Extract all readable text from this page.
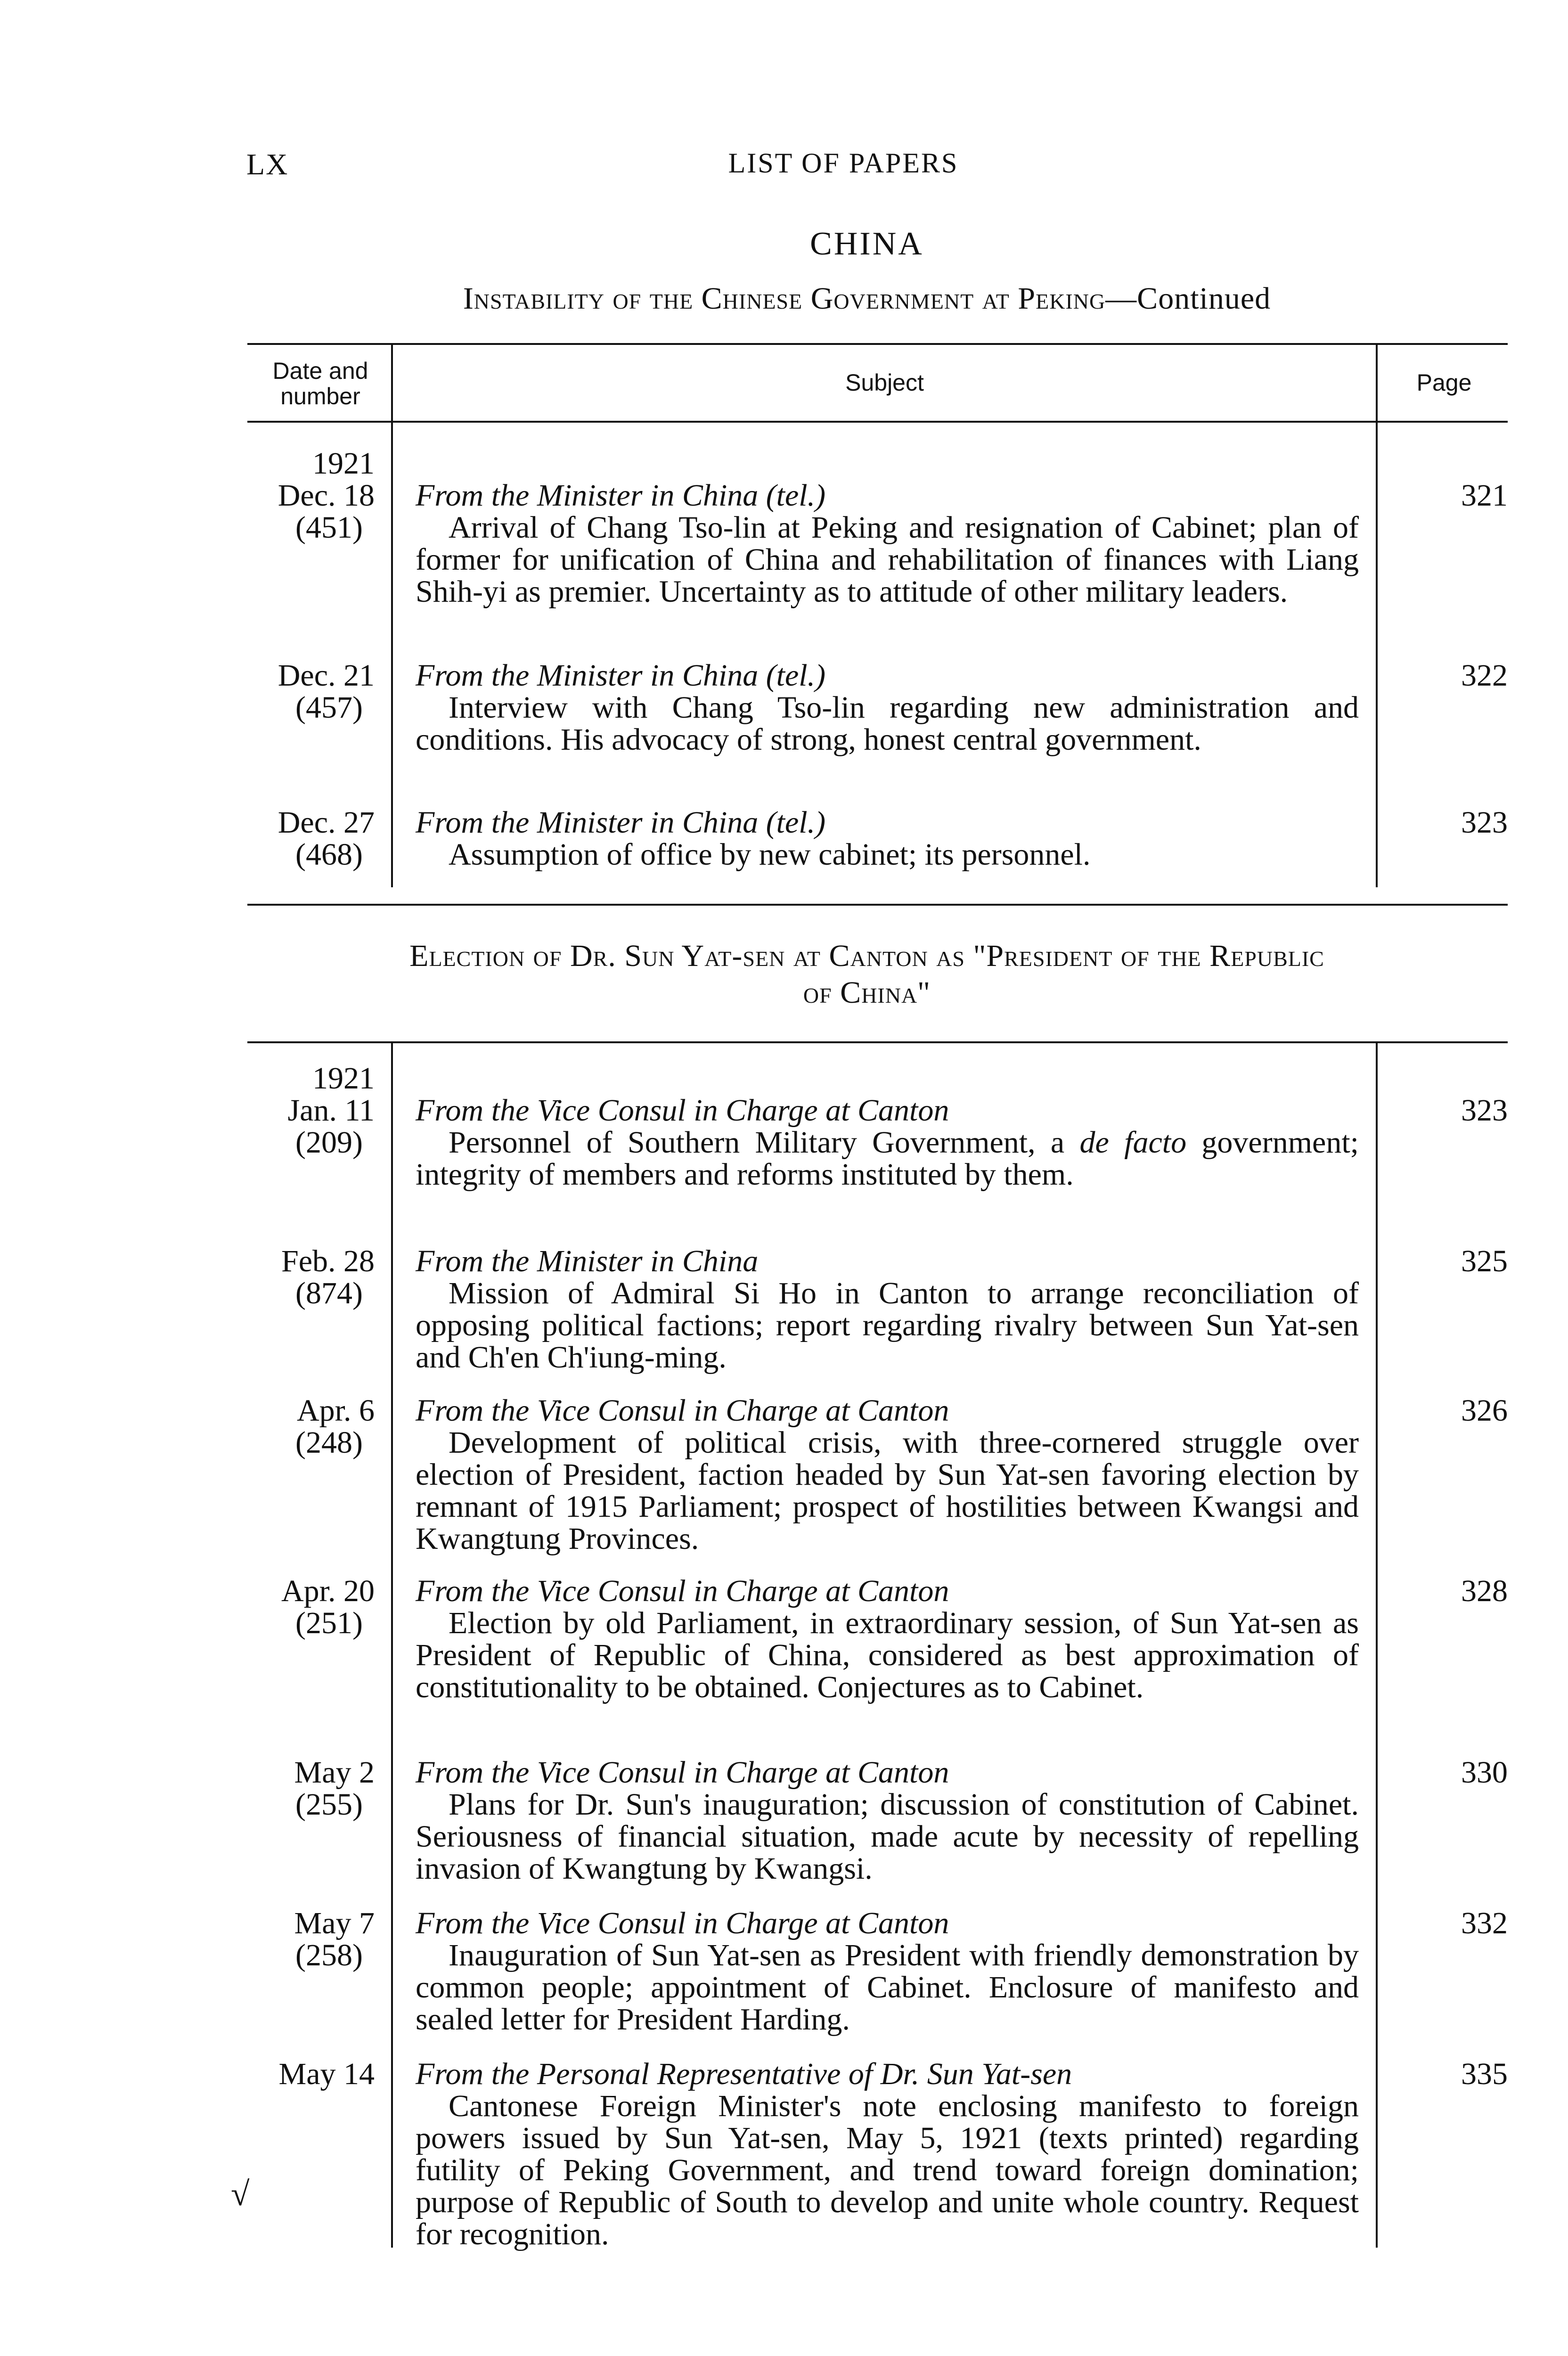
LX	LIST OF PAPERS
CHINA
Instability of the Chinese Government at Peking—Continued
Date and number
Subject	Page
1921
Dec. 18
(451)
From the Minister in China (tel.)
Arrival of Chang Tso-lin at Peking and resignation of Cabinet; plan of former for unification of China and rehabilitation of finances with Liang Shih-yi as premier. Uncertainty as to attitude of other military leaders.
321
Dec. 21
(457)
From the Minister in China (tel.)
Interview with Chang Tso-lin regarding new administration and conditions. His advocacy of strong, honest central government.
322
Dec. 27
(468)
From the Minister in China (tel.)
Assumption of office by new cabinet; its personnel.
323
Election of Dr. Sun Yat-sen at Canton as "President of the Republic
of China"
1921
Jan. 11
(209)
From the Vice Consul in Charge at Canton
Personnel of Southern Military Government, a de facto government; integrity of members and reforms instituted by them.
323
Feb. 28
(874)
From the Minister in China
Mission of Admiral Si Ho in Canton to arrange reconciliation of opposing political factions; report regarding rivalry between Sun Yat-sen and Ch'en Ch'iung-ming.
325
Apr. 6
(248)
From the Vice Consul in Charge at Canton
Development of political crisis, with three-cornered struggle over election of President, faction headed by Sun Yat-sen favoring election by remnant of 1915 Parliament; prospect of hostilities between Kwangsi and Kwangtung Provinces.
326
Apr. 20
(251)
From the Vice Consul in Charge at Canton
Election by old Parliament, in extraordinary session, of Sun Yat-sen as President of Republic of China, considered as best approximation of constitutionality to be obtained. Conjectures as to Cabinet.
328
May 2
(255)
From the Vice Consul in Charge at Canton
Plans for Dr. Sun's inauguration; discussion of constitution of Cabinet. Seriousness of financial situation, made acute by necessity of repelling invasion of Kwangtung by Kwangsi.
330
May 7
(258)
From the Vice Consul in Charge at Canton
Inauguration of Sun Yat-sen as President with friendly demonstration by common people; appointment of Cabinet. Enclosure of manifesto and sealed letter for President Harding.
332
May 14 From the Personal Representative of Dr. Sun Yat-sen
Cantonese Foreign Minister's note enclosing manifesto to foreign powers issued by Sun Yat-sen, May 5, 1921 (texts printed) regarding futility of Peking Government, and trend toward foreign domination; purpose of Republic of South to develop and unite whole country. Request for recognition.
335
√
